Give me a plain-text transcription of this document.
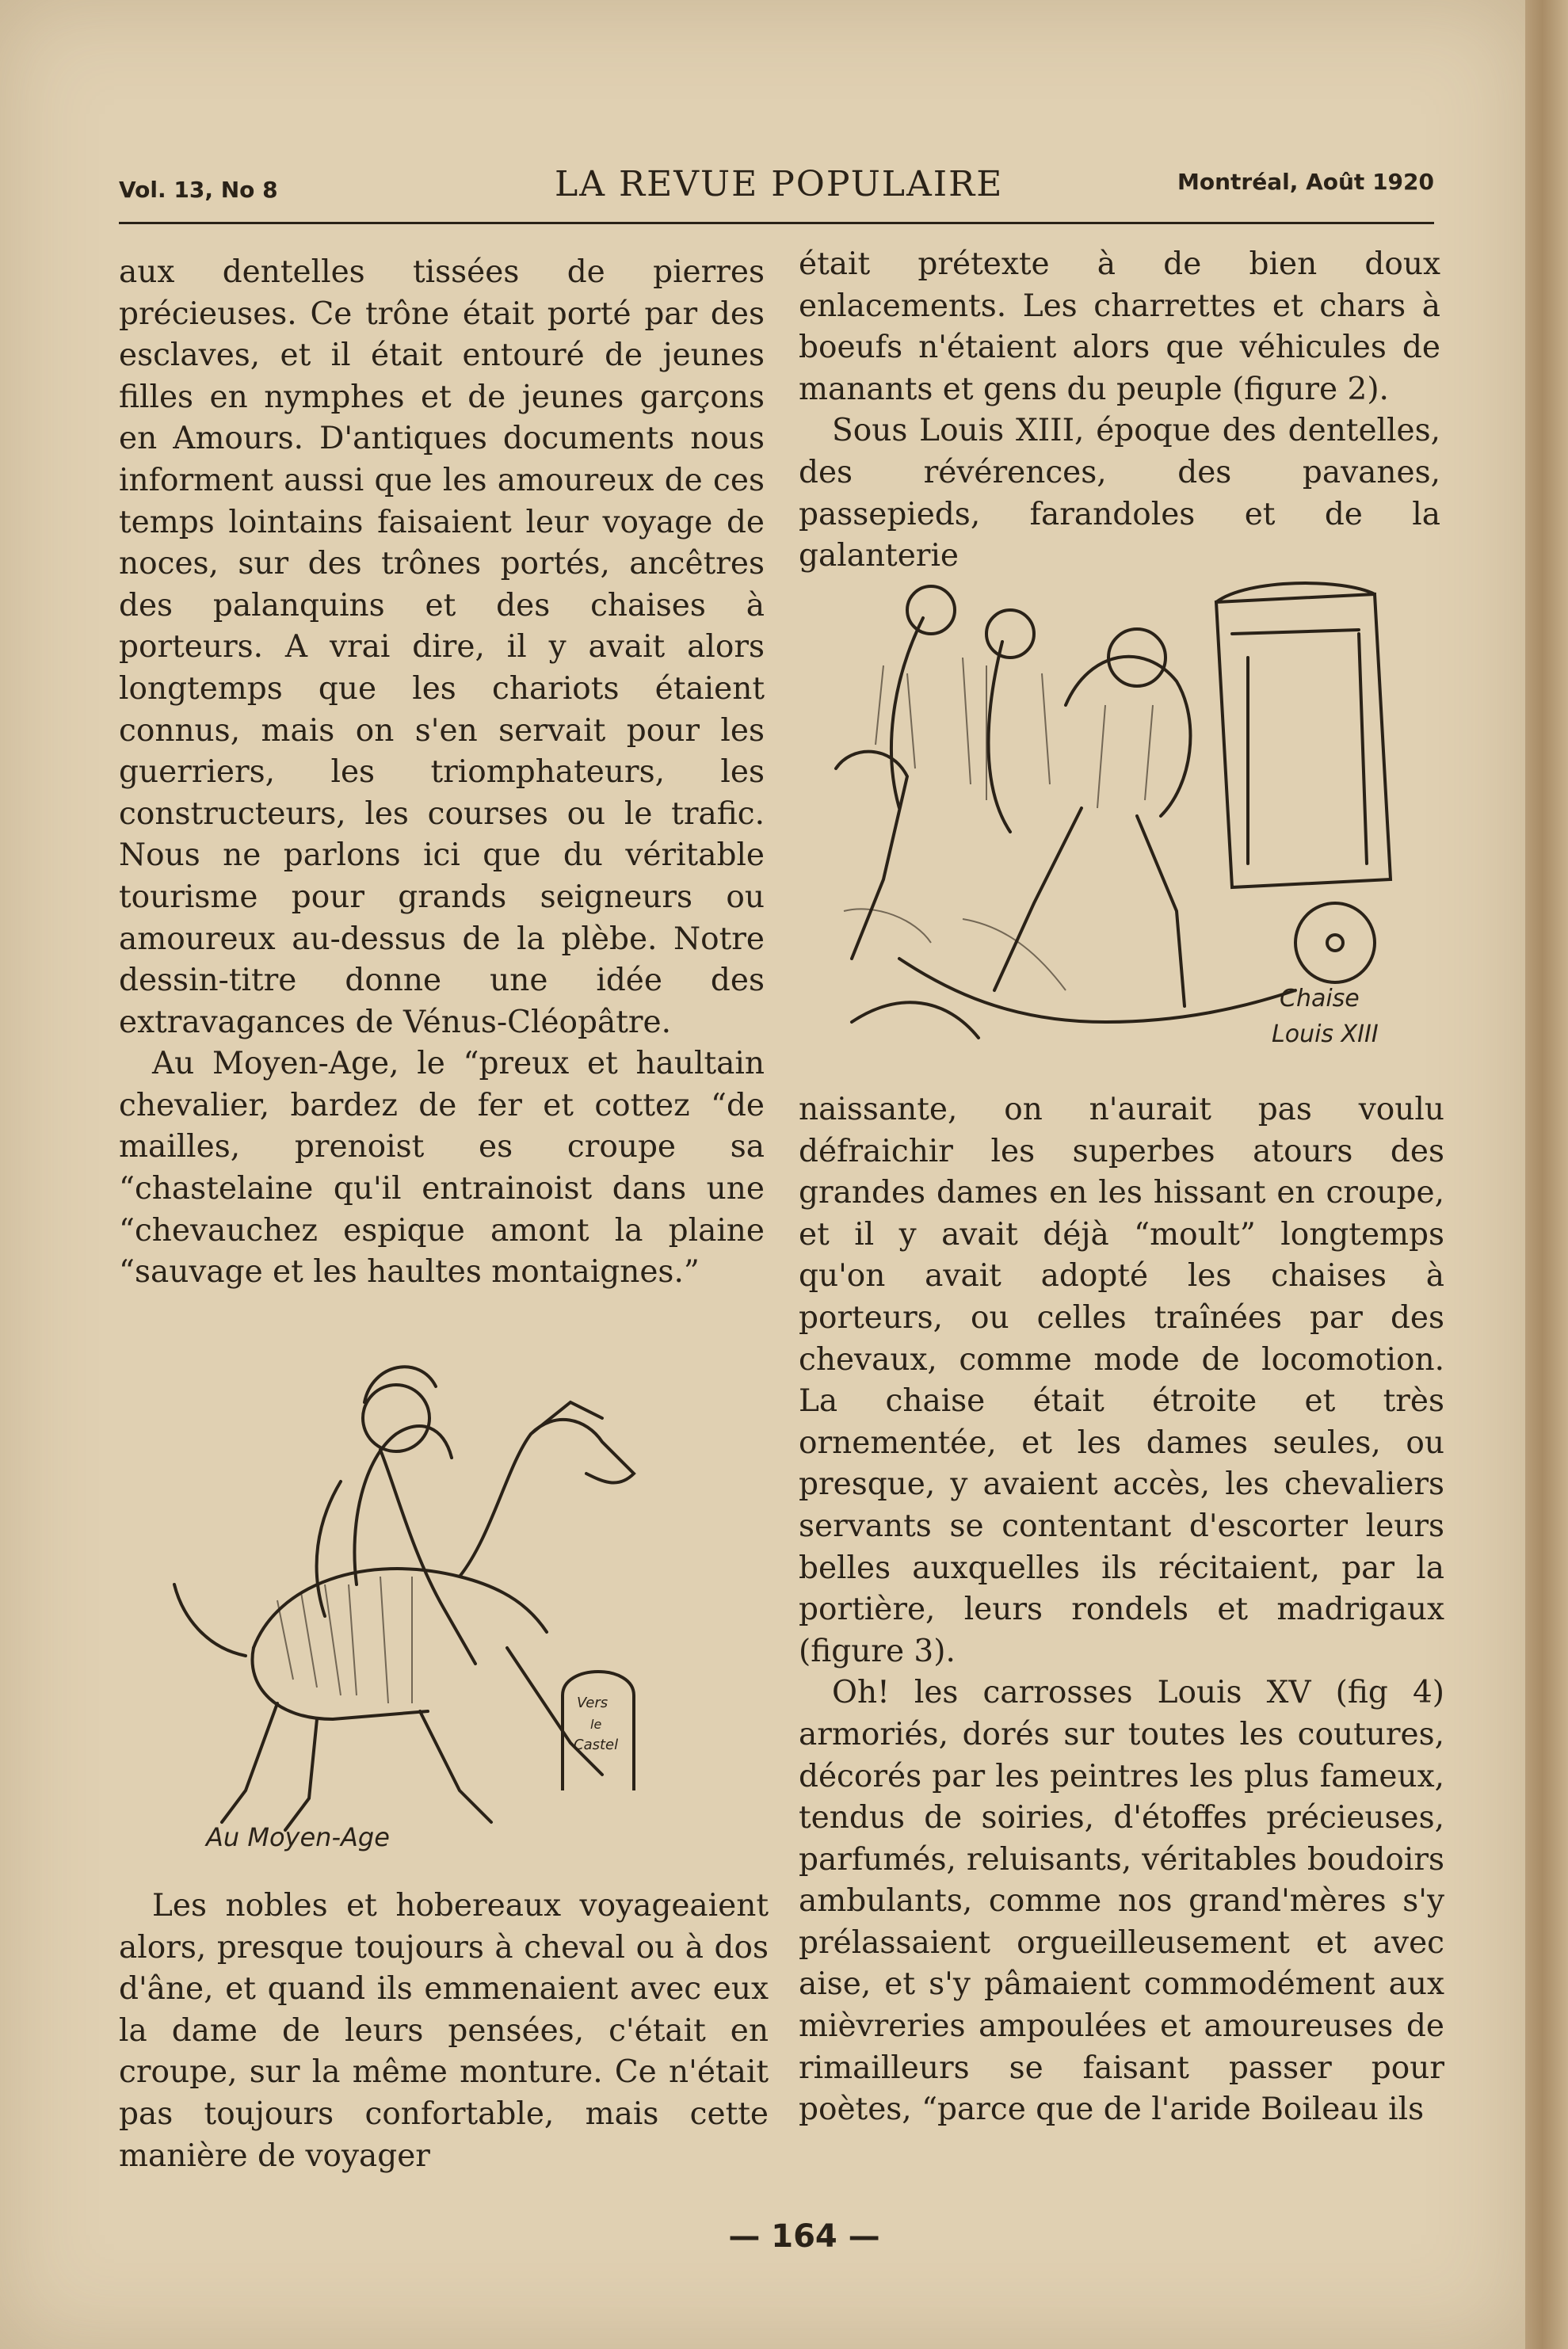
Vol. 13, No 8	LA REVUE POPULAIRE	Montréal, Août 1920

aux dentelles tissées de pierres précieuses. Ce trône était porté par des esclaves, et il était entouré de jeunes filles en nymphes et de jeunes garçons en Amours. D'antiques documents nous informent aussi que les amoureux de ces temps lointains faisaient leur voyage de noces, sur des trônes portés, ancêtres des palanquins et des chaises à porteurs. A vrai dire, il y avait alors longtemps que les chariots étaient connus, mais on s'en servait pour les guerriers, les triomphateurs, les constructeurs, les courses ou le trafic. Nous ne parlons ici que du véritable tourisme pour grands seigneurs ou amoureux au-dessus de la plèbe. Notre dessin-titre donne une idée des extravagances de Vénus-Cléopâtre.

Au Moyen-Age, le “preux et haultain chevalier, bardez de fer et cottez “de mailles, prenoist es croupe sa “chastelaine qu'il entrainoist dans une “chevauchez espique amont la plaine “sauvage et les haultes montaignes.”

Vers
le
Castel
Au Moyen-Age

Les nobles et hobereaux voyageaient alors, presque toujours à cheval ou à dos d'âne, et quand ils emmenaient avec eux la dame de leurs pensées, c'était en croupe, sur la même monture. Ce n'était pas toujours confortable, mais cette manière de voyager

était prétexte à de bien doux enlacements. Les charrettes et chars à boeufs n'étaient alors que véhicules de manants et gens du peuple (figure 2).

Sous Louis XIII, époque des dentelles, des révérences, des pavanes, passepieds, farandoles et de la galanterie

Chaise
Louis XIII

naissante, on n'aurait pas voulu défraichir les superbes atours des grandes dames en les hissant en croupe, et il y avait déjà “moult” longtemps qu'on avait adopté les chaises à porteurs, ou celles traînées par des chevaux, comme mode de locomotion. La chaise était étroite et très ornementée, et les dames seules, ou presque, y avaient accès, les chevaliers servants se contentant d'escorter leurs belles auxquelles ils récitaient, par la portière, leurs rondels et madrigaux (figure 3).

Oh! les carrosses Louis XV (fig 4) armoriés, dorés sur toutes les coutures, décorés par les peintres les plus fameux, tendus de soiries, d'étoffes précieuses, parfumés, reluisants, véritables boudoirs ambulants, comme nos grand'mères s'y prélassaient orgueilleusement et avec aise, et s'y pâmaient commodément aux mièvreries ampoulées et amoureuses de rimailleurs se faisant passer pour poètes, “parce que de l'aride Boileau ils

— 164 —
